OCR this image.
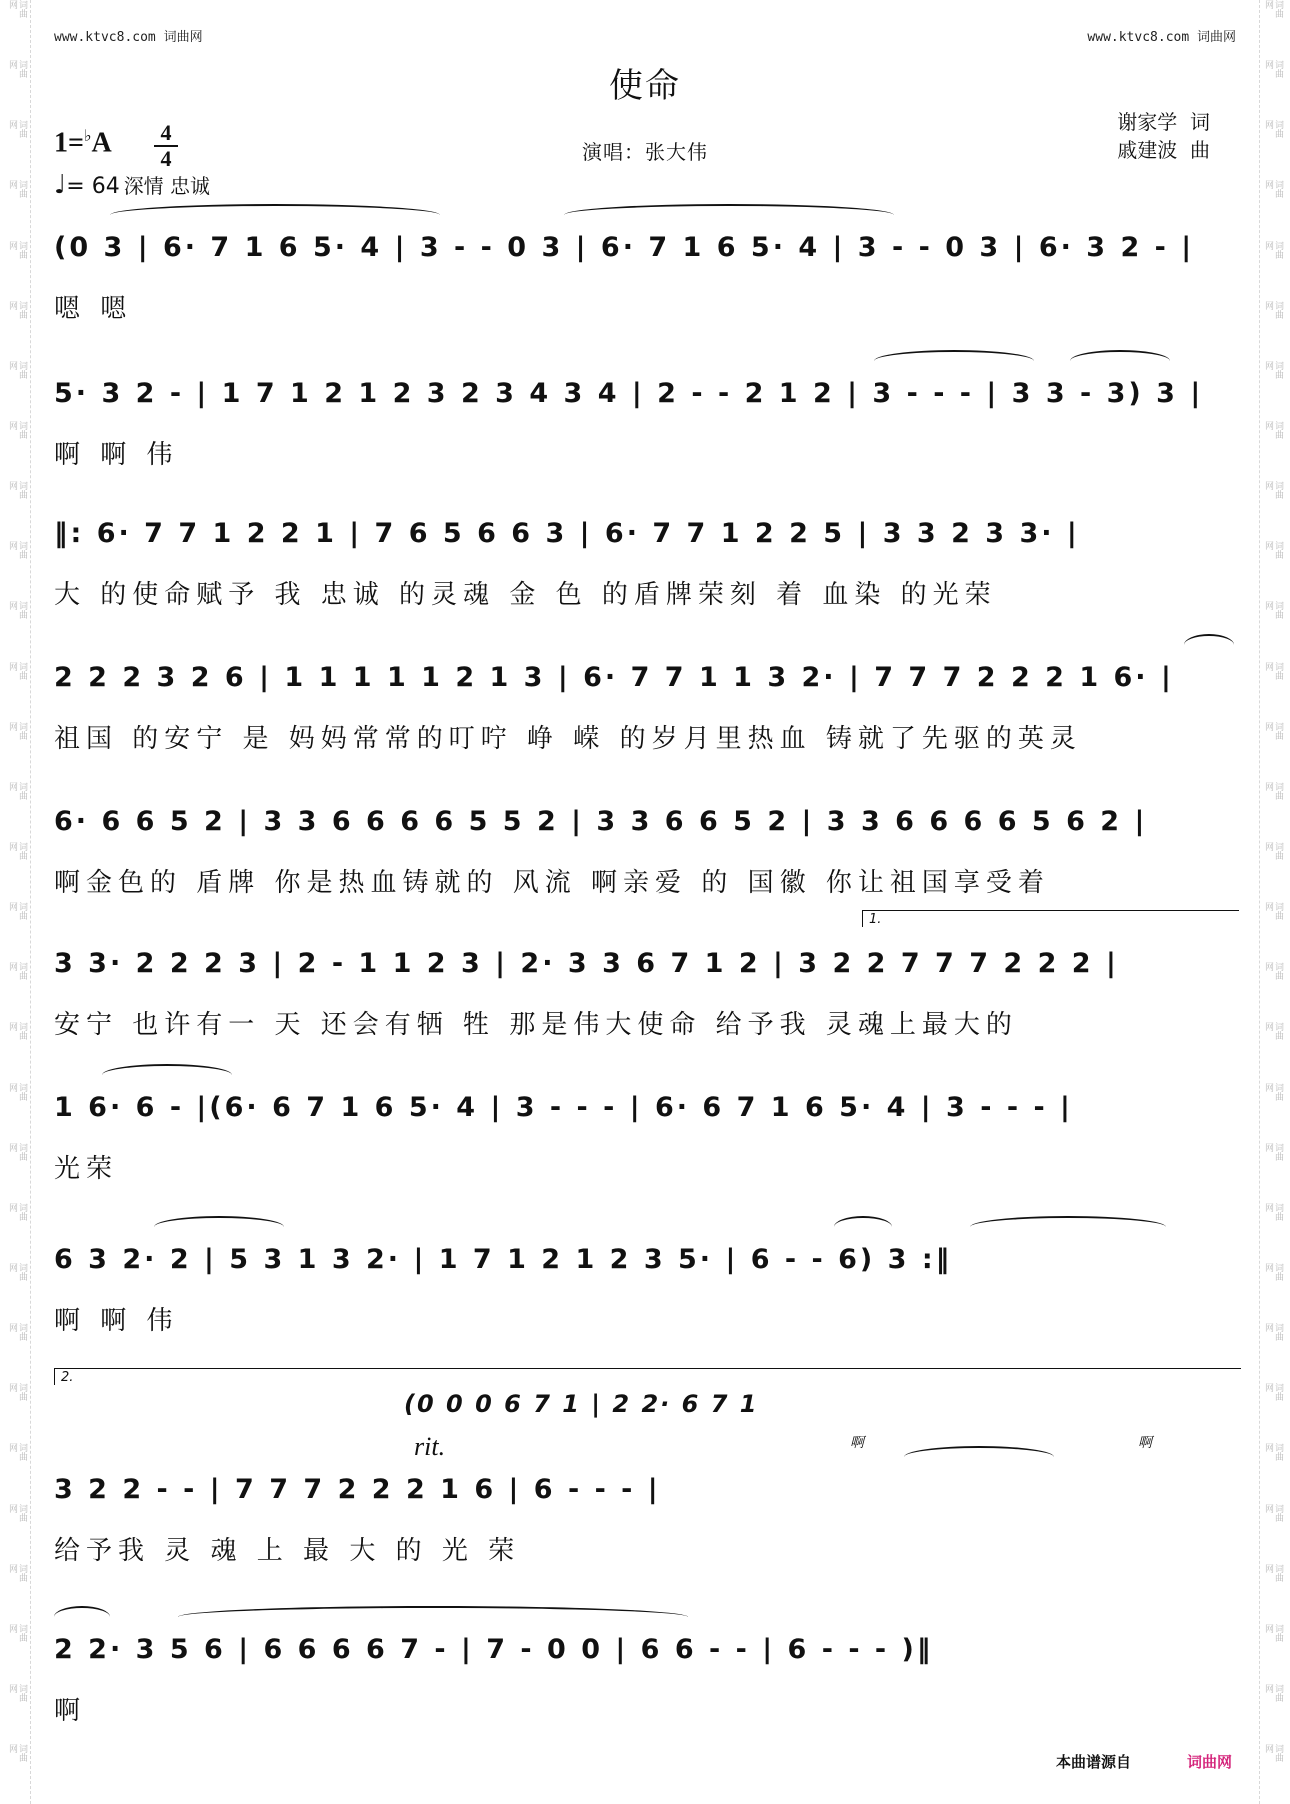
词曲网
词曲网
词曲网
词曲网
词曲网
词曲网
词曲网
词曲网
词曲网
词曲网
词曲网
词曲网
词曲网
词曲网
词曲网
词曲网
词曲网
词曲网
词曲网
词曲网
词曲网
词曲网
词曲网
词曲网
词曲网
词曲网
词曲网
词曲网
词曲网
词曲网
词曲网
词曲网
词曲网
词曲网
词曲网
词曲网
词曲网
词曲网
词曲网
词曲网
词曲网
词曲网
词曲网
词曲网
词曲网
词曲网
词曲网
词曲网
词曲网
词曲网
词曲网
词曲网
词曲网
词曲网
词曲网
词曲网
词曲网
词曲网
词曲网
词曲网
www.ktvc8.com 词曲网	www.ktvc8.com 词曲网
使命
1=♭A 4
4
♩= 64 深情 忠诚
演唱：张大伟
谢家学  词
戚建波  曲
(0 3 | 6· 7 1 6 5· 4 | 3 - - 0 3 | 6· 7 1 6 5· 4 | 3 - - 0 3 | 6· 3 2 - |
嗯 嗯
5· 3 2 - | 1 7 1 2 1 2 3 2 3 4 3 4 | 2 - - 2 1 2 | 3 - - - | 3 3 - 3) 3 |
啊 啊 伟
‖: 6· 7 7 1 2 2 1 | 7 6 5 6 6 3 | 6· 7 7 1 2 2 5 | 3 3 2 3 3· |
大 的使命赋予 我 忠诚 的灵魂 金 色 的盾牌荣刻 着 血染 的光荣
2 2 2 3 2 6 | 1 1 1 1 1 2 1 3 | 6· 7 7 1 1 3 2· | 7 7 7 2 2 2 1 6· |
祖国 的安宁 是 妈妈常常的叮咛 峥 嵘 的岁月里热血 铸就了先驱的英灵
6· 6 6 5 2 | 3 3 6 6 6 6 5 5 2 | 3 3 6 6 5 2 | 3 3 6 6 6 6 5 6 2 |
啊金色的 盾牌 你是热血铸就的 风流 啊亲爱 的 国徽 你让祖国享受着
1.
3 3· 2 2 2 3 | 2 - 1 1 2 3 | 2· 3 3 6 7 1 2 | 3 2 2 7 7 7 2 2 2 |
安宁 也许有一 天 还会有牺 牲 那是伟大使命 给予我 灵魂上最大的
1 6· 6 - |(6· 6 7 1 6 5· 4 | 3 - - - | 6· 6 7 1 6 5· 4 | 3 - - - |
光荣
6 3 2· 2 | 5 3 1 3 2· | 1 7 1 2 1 2 3 5· | 6 - - 6) 3 :‖
啊 啊 伟
2.
(0 0 0 6 7 1 | 2 2· 6 7 1
啊	啊
rit.
3 2 2 - - | 7 7 7 2 2 2 1 6 | 6 - - - |
给予我 灵 魂 上 最 大 的 光 荣
2 2· 3 5 6 | 6 6 6 6 7 - | 7 - 0 0 | 6 6 - - | 6 - - - )‖
啊
本曲谱源自	词曲网
